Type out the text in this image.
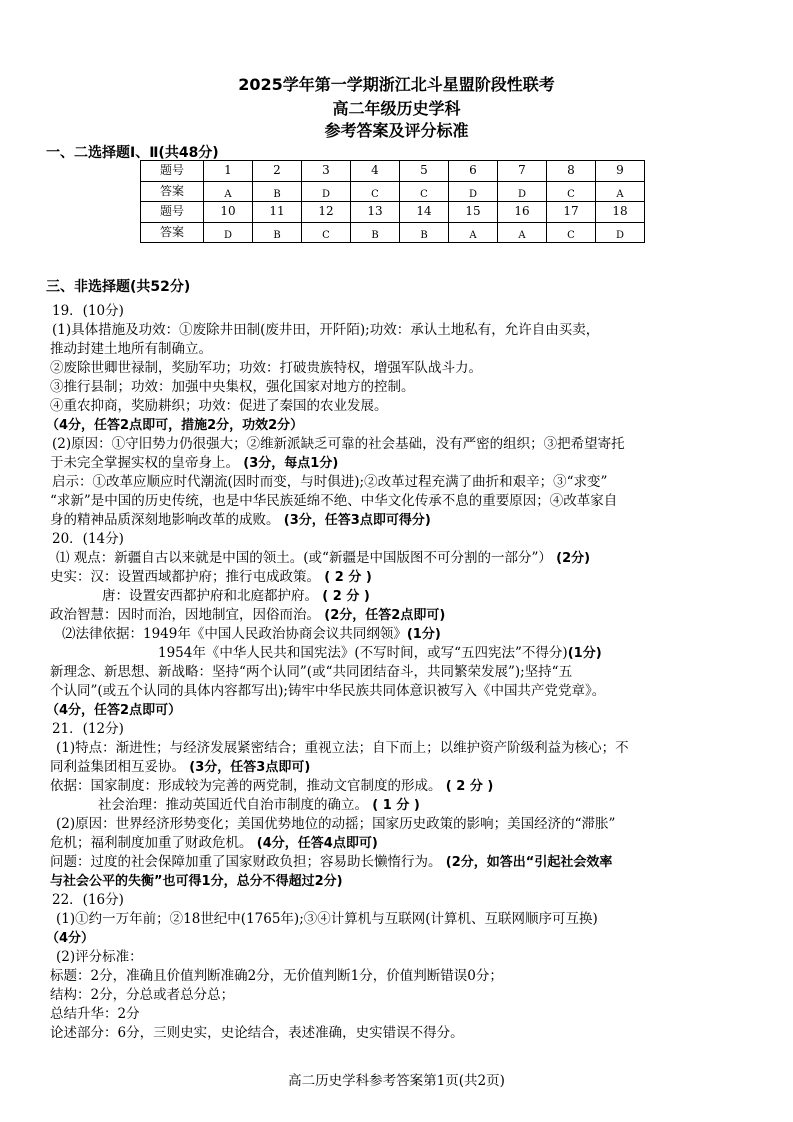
2025学年第一学期浙江北斗星盟阶段性联考
高二年级历史学科
参考答案及评分标准
一、二选择题Ⅰ、Ⅱ(共48分)
题号	1	2	3	4	5	6	7	8	9
答案	A	B	D	C	C	D	D	C	A
题号	10	11	12	13	14	15	16	17	18
答案	D	B	C	B	B	A	A	C	D
三、非选择题(共52分)
19．(10分)
(1)具体措施及功效：①废除井田制(废井田，开阡陌);功效：承认土地私有，允许自由买卖，
推动封建土地所有制确立。
②废除世卿世禄制，奖励军功；功效：打破贵族特权，增强军队战斗力。
③推行县制；功效：加强中央集权，强化国家对地方的控制。
④重农抑商，奖励耕织；功效：促进了秦国的农业发展。
（4分，任答2点即可，措施2分，功效2分）
(2)原因：①守旧势力仍很强大；②维新派缺乏可靠的社会基础，没有严密的组织；③把希望寄托
于未完全掌握实权的皇帝身上。 (3分，每点1分)
启示：①改革应顺应时代潮流(因时而变，与时俱进);②改革过程充满了曲折和艰辛；③“求变”
“求新”是中国的历史传统，也是中华民族延绵不绝、中华文化传承不息的重要原因；④改革家自
身的精神品质深刻地影响改革的成败。 (3分，任答3点即可得分)
20．(14分)
⑴ 观点：新疆自古以来就是中国的领土。(或“新疆是中国版图不可分割的一部分”） (2分)
史实：汉：设置西域都护府；推行屯成政策。 ( 2 分 )
唐：设置安西都护府和北庭都护府。 ( 2 分 )
政治智慧：因时而治，因地制宜，因俗而治。 (2分，任答2点即可)
⑵法律依据：1949年《中国人民政治协商会议共同纲领》(1分)
1954年《中华人民共和国宪法》(不写时间，或写“五四宪法”不得分)(1分)
新理念、新思想、新战略：坚持“两个认同”(或“共同团结奋斗，共同繁荣发展”);坚持“五
个认同”(或五个认同的具体内容都写出);铸牢中华民族共同体意识被写入《中国共产党党章》。
（4分，任答2点即可）
21．(12分)
(1)特点：渐进性；与经济发展紧密结合；重视立法；自下而上；以维护资产阶级利益为核心；不
同利益集团相互妥协。 (3分，任答3点即可)
依据：国家制度：形成较为完善的两党制，推动文官制度的形成。 ( 2 分 )
社会治理：推动英国近代自治市制度的确立。 ( 1 分 )
(2)原因：世界经济形势变化；美国优势地位的动摇；国家历史政策的影响；美国经济的“滞胀”
危机；福利制度加重了财政危机。 (4分，任答4点即可)
问题：过度的社会保障加重了国家财政负担；容易助长懒惰行为。 (2分，如答出“引起社会效率
与社会公平的失衡”也可得1分，总分不得超过2分)
22．(16分)
(1)①约一万年前；②18世纪中(1765年);③④计算机与互联网(计算机、互联网顺序可互换)
（4分）
(2)评分标准：
标题：2分，准确且价值判断准确2分，无价值判断1分，价值判断错误0分；
结构：2分，分总或者总分总；
总结升华：2分
论述部分：6分，三则史实，史论结合，表述准确，史实错误不得分。
高二历史学科参考答案第1页(共2页)
